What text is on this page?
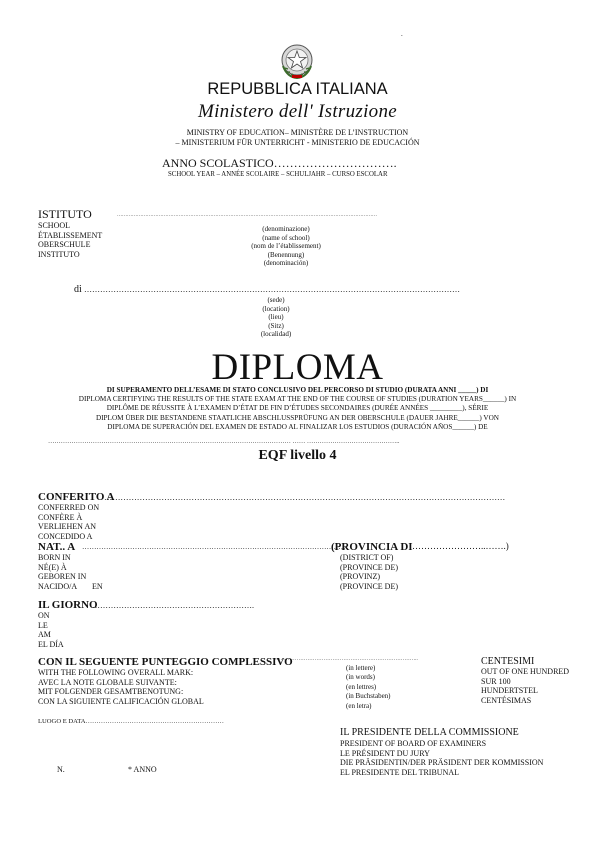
REPUBBLICA ITALIANA
Ministero dell' Istruzione
MINISTRY OF EDUCATION– MINISTÈRE DE L’INSTRUCTION
– MINISTERIUM FÜR UNTERRICHT - MINISTERIO DE EDUCACIÓN
ANNO SCOLASTICO………………………….
SCHOOL YEAR – ANNÉE SCOLAIRE – SCHULJAHR – CURSO ESCOLAR
.
ISTITUTO
SCHOOL
ÉTABLISSEMENT
OBERSCHULE
INSTITUTO
…………………………………………………………………………………………………………………………………………
(denominazione)
(name of school)
(nom de l’établissement)
(Benennung)
(denominación)
di ……………………………………………………………………………………………………………………………
(sede)
(location)
(lieu)
(Sitz)
(localidad)
DIPLOMA
DI SUPERAMENTO DELL’ESAME DI STATO CONCLUSIVO DEL PERCORSO DI STUDIO (DURATA ANNI _____) DI
DIPLOMA CERTIFYING THE RESULTS OF THE STATE EXAM AT THE END OF THE COURSE OF STUDIES (DURATION YEARS______) IN
DIPLÔME DE RÉUSSITE À L’EXAMEN D’ÉTAT DE FIN D’ÉTUDES SECONDAIRES (DURÉE ANNÉES _________), SÉRIE
DIPLOM ÜBER DIE BESTANDENE STAATLICHE ABSCHLUSSPRÜFUNG AN DER OBERSCHULE (DAUER JAHRE______) VON
DIPLOMA DE SUPERACIÓN DEL EXAMEN DE ESTADO AL FINALIZAR LOS ESTUDIOS (DURACIÓN AÑOS______) DE
…………………………………………………………………………………………………… …… ……………………………………..
EQF livello 4
CONFERITO A
…………………………………………………………………………………………………………………………………
CONFERRED ON
CONFÈRE À
VERLIEHEN AN
CONCEDIDO A
NAT.. A …………………………………………………………………………………………………
(PROVINCIA DI
……………………..…….)
BORN IN
NÉ(E) À
GEBOREN IN
NACIDO/A	EN
(DISTRICT OF)
(PROVINCE DE)
(PROVINZ)
(PROVINCE DE)
IL GIORNO
…………………………………………………….
ON
LE
AM
EL DÍA
CON IL SEGUENTE PUNTEGGIO COMPLESSIVO
WITH THE FOLLOWING OVERALL MARK:
AVEC LA NOTE GLOBALE SUIVANTE:
MIT FOLGENDER GESAMTBENOTUNG:
CON LA SIGUIENTE CALIFICACIÓN GLOBAL
……………………………………………………………………..
(in lettere)
(in words)
(en lettres)
(in Buchstaben)
(en letra)
CENTESIMI
OUT OF ONE HUNDRED
SUR 100
HUNDERTSTEL
CENTÉSIMAS
LUOGO E DATA………………………………………………………
IL PRESIDENTE DELLA COMMISSIONE
PRESIDENT OF BOARD OF EXAMINERS
LE PRÉSIDENT DU JURY
DIE PRÄSIDENTIN/DER PRÄSIDENT DER KOMMISSION
EL PRESIDENTE DEL TRIBUNAL
N.	* ANNO
